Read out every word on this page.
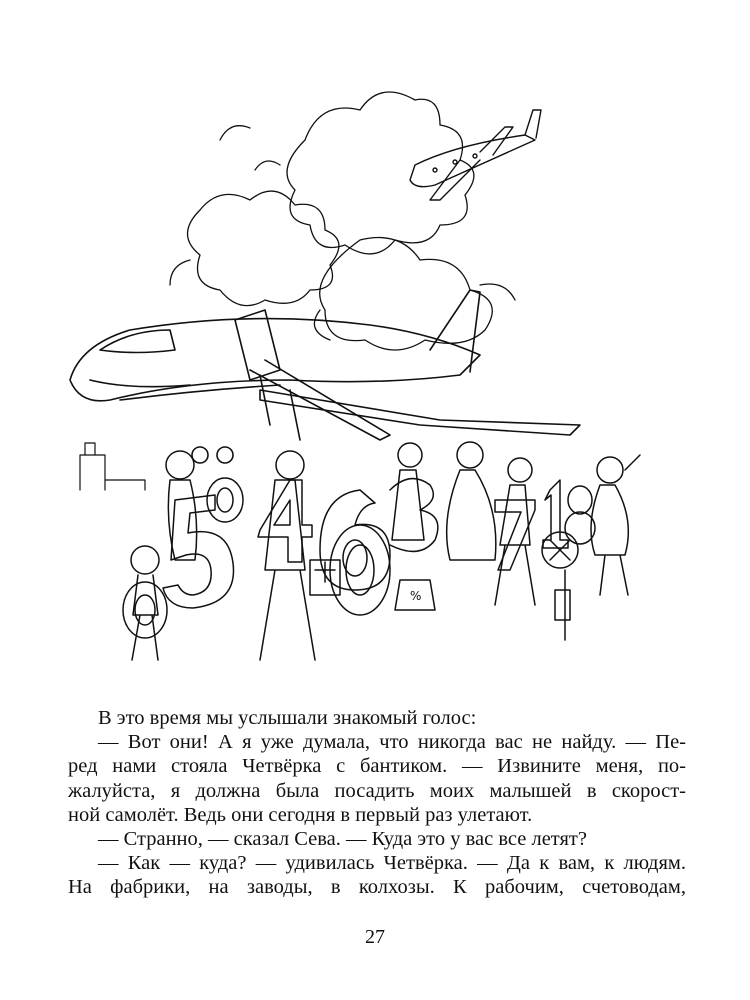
%

В это время мы услышали знакомый голос:

— Вот они! А я уже думала, что никогда вас не найду. — Пе-

ред нами стояла Четвёрка с бантиком. — Извините меня, по-

жалуйста, я должна была посадить моих малышей в скорост-

ной самолёт. Ведь они сегодня в первый раз улетают.

— Странно, — сказал Сева. — Куда это у вас все летят?

— Как — куда? — удивилась Четвёрка. — Да к вам, к людям.

На фабрики, на заводы, в колхозы. К рабочим, счетоводам,

27
